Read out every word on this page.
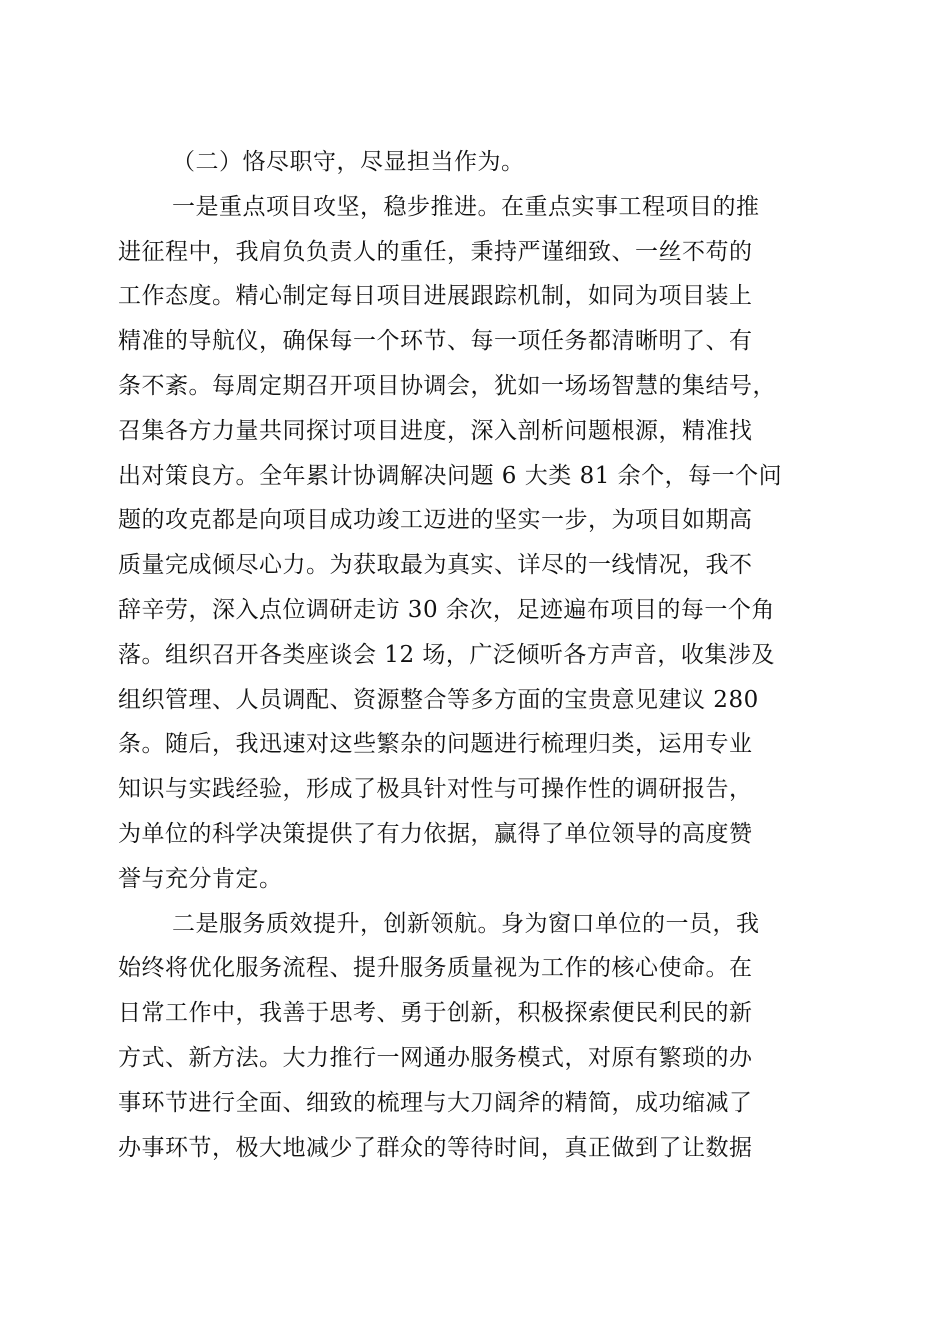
（二）恪尽职守，尽显担当作为。
一是重点项目攻坚，稳步推进。在重点实事工程项目的推
进征程中，我肩负负责人的重任，秉持严谨细致、一丝不苟的
工作态度。精心制定每日项目进展跟踪机制，如同为项目装上
精准的导航仪，确保每一个环节、每一项任务都清晰明了、有
条不紊。每周定期召开项目协调会，犹如一场场智慧的集结号，
召集各方力量共同探讨项目进度，深入剖析问题根源，精准找
出对策良方。全年累计协调解决问题 6 大类 81 余个，每一个问
题的攻克都是向项目成功竣工迈进的坚实一步，为项目如期高
质量完成倾尽心力。为获取最为真实、详尽的一线情况，我不
辞辛劳，深入点位调研走访 30 余次，足迹遍布项目的每一个角
落。组织召开各类座谈会 12 场，广泛倾听各方声音，收集涉及
组织管理、人员调配、资源整合等多方面的宝贵意见建议 280
条。随后，我迅速对这些繁杂的问题进行梳理归类，运用专业
知识与实践经验，形成了极具针对性与可操作性的调研报告，
为单位的科学决策提供了有力依据，赢得了单位领导的高度赞
誉与充分肯定。
二是服务质效提升，创新领航。身为窗口单位的一员，我
始终将优化服务流程、提升服务质量视为工作的核心使命。在
日常工作中，我善于思考、勇于创新，积极探索便民利民的新
方式、新方法。大力推行一网通办服务模式，对原有繁琐的办
事环节进行全面、细致的梳理与大刀阔斧的精简，成功缩减了
办事环节，极大地减少了群众的等待时间，真正做到了让数据
